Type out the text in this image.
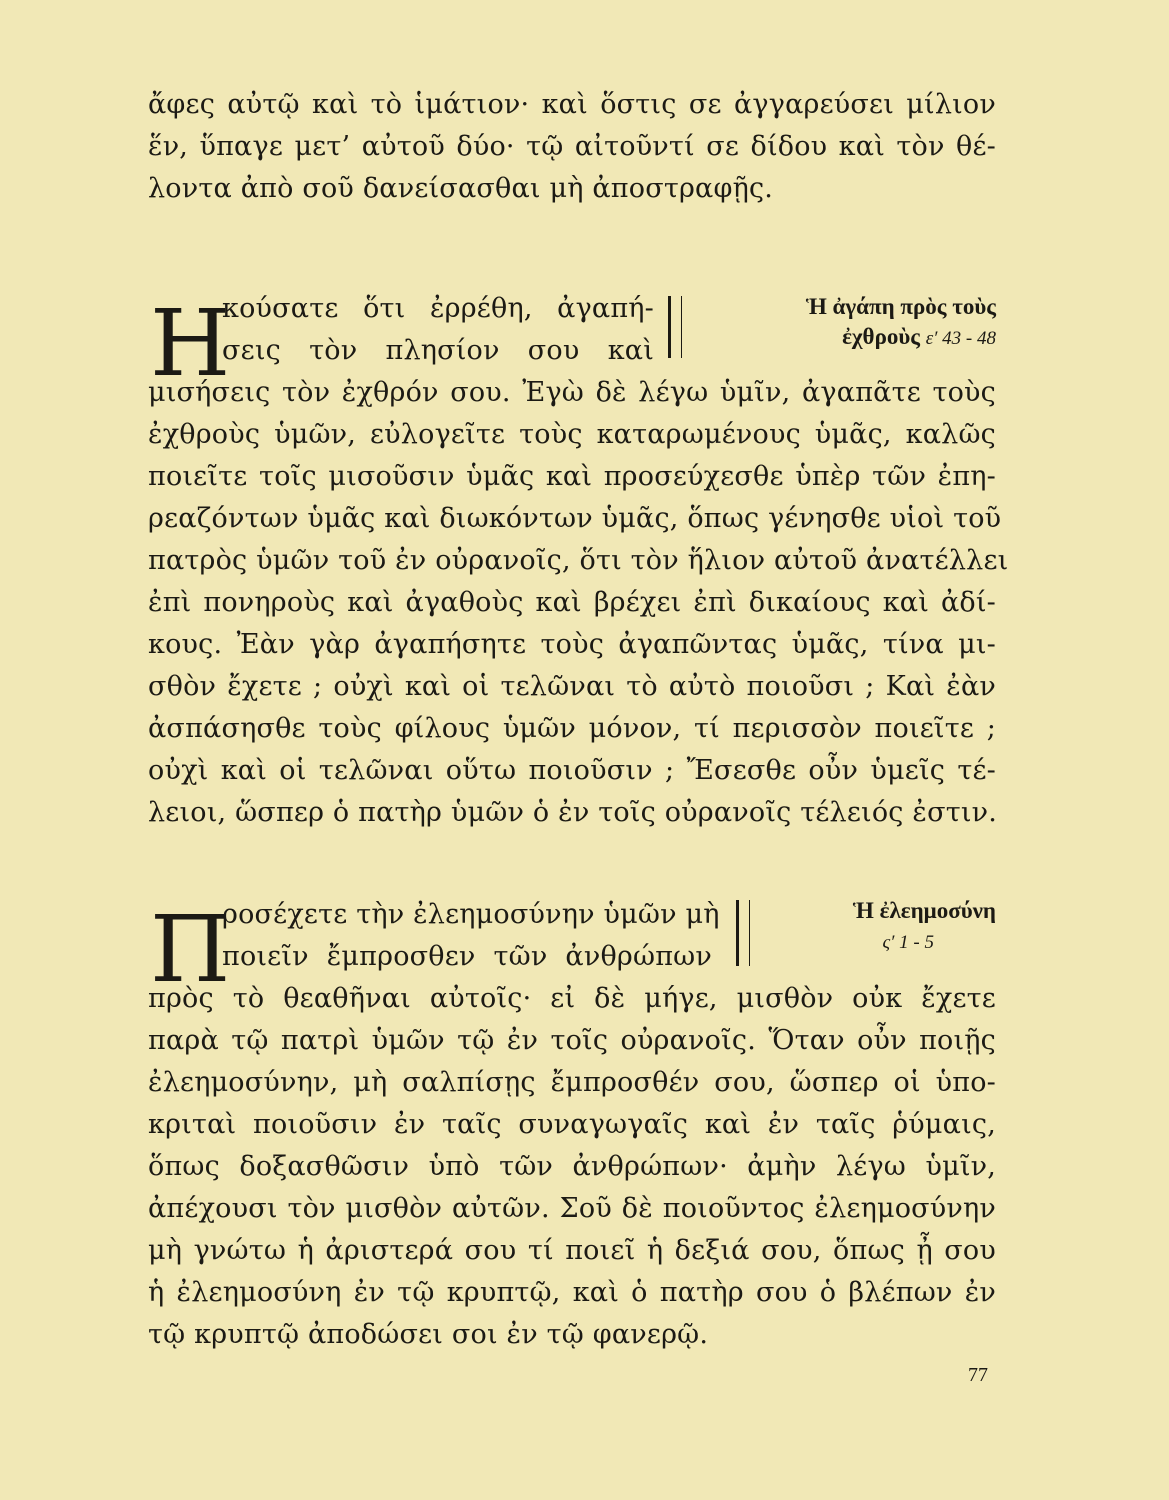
ἄφες αὐτῷ καὶ τὸ ἱμάτιον· καὶ ὅστις σε ἀγγαρεύσει μίλιον
ἕν, ὕπαγε μετ’ αὐτοῦ δύο· τῷ αἰτοῦντί σε δίδου καὶ τὸν θέ-
λοντα ἀπὸ σοῦ δανείσασθαι μὴ ἀποστραφῇς.
Η
κούσατε ὅτι ἐρρέθη, ἀγαπή-
σεις τὸν πλησίον σου καὶ
Ἡ ἀγάπη πρὸς τοὺς
ἐχθροὺς ε′ 43 - 48
μισήσεις τὸν ἐχθρόν σου. Ἐγὼ δὲ λέγω ὑμῖν, ἀγαπᾶτε τοὺς
ἐχθροὺς ὑμῶν, εὐλογεῖτε τοὺς καταρωμένους ὑμᾶς, καλῶς
ποιεῖτε τοῖς μισοῦσιν ὑμᾶς καὶ προσεύχεσθε ὑπὲρ τῶν ἐπη-
ρεαζόντων ὑμᾶς καὶ διωκόντων ὑμᾶς, ὅπως γένησθε υἱοὶ τοῦ
πατρὸς ὑμῶν τοῦ ἐν οὐρανοῖς, ὅτι τὸν ἥλιον αὐτοῦ ἀνατέλλει
ἐπὶ πονηροὺς καὶ ἀγαθοὺς καὶ βρέχει ἐπὶ δικαίους καὶ ἀδί-
κους. Ἐὰν γὰρ ἀγαπήσητε τοὺς ἀγαπῶντας ὑμᾶς, τίνα μι-
σθὸν ἔχετε ; οὐχὶ καὶ οἱ τελῶναι τὸ αὐτὸ ποιοῦσι ; Καὶ ἐὰν
ἀσπάσησθε τοὺς φίλους ὑμῶν μόνον, τί περισσὸν ποιεῖτε ;
οὐχὶ καὶ οἱ τελῶναι οὕτω ποιοῦσιν ; Ἔσεσθε οὖν ὑμεῖς τέ-
λειοι, ὥσπερ ὁ πατὴρ ὑμῶν ὁ ἐν τοῖς οὐρανοῖς τέλειός ἐστιν.
Π
ροσέχετε τὴν ἐλεημοσύνην ὑμῶν μὴ
ποιεῖν ἔμπροσθεν τῶν ἀνθρώπων
Ἡ ἐλεημοσύνη
ς′ 1 - 5
πρὸς τὸ θεαθῆναι αὐτοῖς· εἰ δὲ μήγε, μισθὸν οὐκ ἔχετε
παρὰ τῷ πατρὶ ὑμῶν τῷ ἐν τοῖς οὐρανοῖς. Ὅταν οὖν ποιῇς
ἐλεημοσύνην, μὴ σαλπίσῃς ἔμπροσθέν σου, ὥσπερ οἱ ὑπο-
κριταὶ ποιοῦσιν ἐν ταῖς συναγωγαῖς καὶ ἐν ταῖς ῥύμαις,
ὅπως δοξασθῶσιν ὑπὸ τῶν ἀνθρώπων· ἀμὴν λέγω ὑμῖν,
ἀπέχουσι τὸν μισθὸν αὐτῶν. Σοῦ δὲ ποιοῦντος ἐλεημοσύνην
μὴ γνώτω ἡ ἀριστερά σου τί ποιεῖ ἡ δεξιά σου, ὅπως ᾖ σου
ἡ ἐλεημοσύνη ἐν τῷ κρυπτῷ, καὶ ὁ πατὴρ σου ὁ βλέπων ἐν
τῷ κρυπτῷ ἀποδώσει σοι ἐν τῷ φανερῷ.
77
